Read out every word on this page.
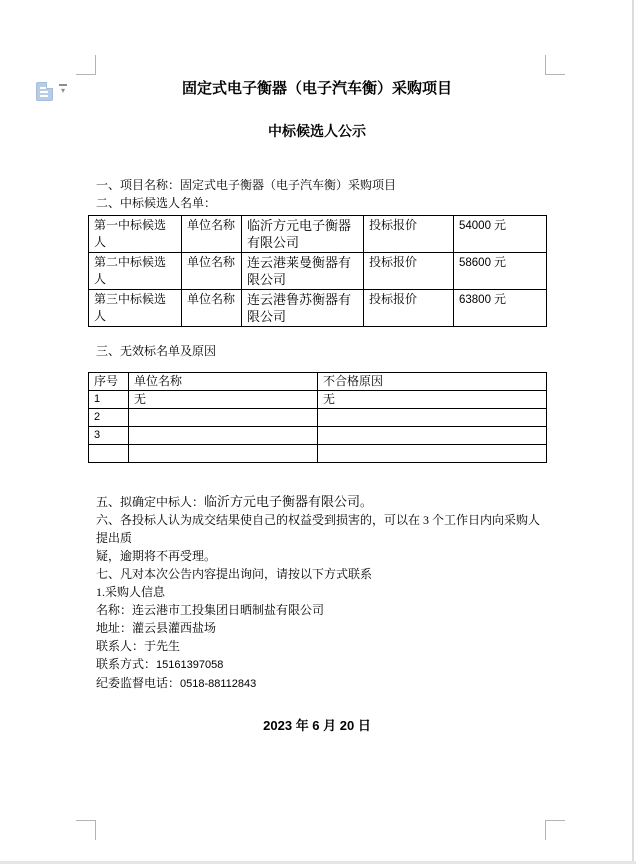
▾	固定式电子衡器（电子汽车衡）采购项目
中标候选人公示
一、项目名称：固定式电子衡器（电子汽车衡）采购项目
二、中标候选人名单：
第一中标候选人	单位名称	临沂方元电子衡器有限公司	投标报价	54000 元
第二中标候选人	单位名称	连云港莱曼衡器有限公司	投标报价	58600 元
第三中标候选人	单位名称	连云港鲁苏衡器有限公司	投标报价	63800 元
三、无效标名单及原因
序号	单位名称	不合格原因
1	无	无
2		
3		

五、拟确定中标人：临沂方元电子衡器有限公司。
六、各投标人认为成交结果使自己的权益受到损害的，可以在 3 个工作日内向采购人提出质
疑，逾期将不再受理。
七、凡对本次公告内容提出询问，请按以下方式联系
1.采购人信息
名称：连云港市工投集团日晒制盐有限公司
地址：灌云县灌西盐场
联系人：于先生
联系方式：15161397058
纪委监督电话：0518-88112843
2023 年 6 月 20 日
